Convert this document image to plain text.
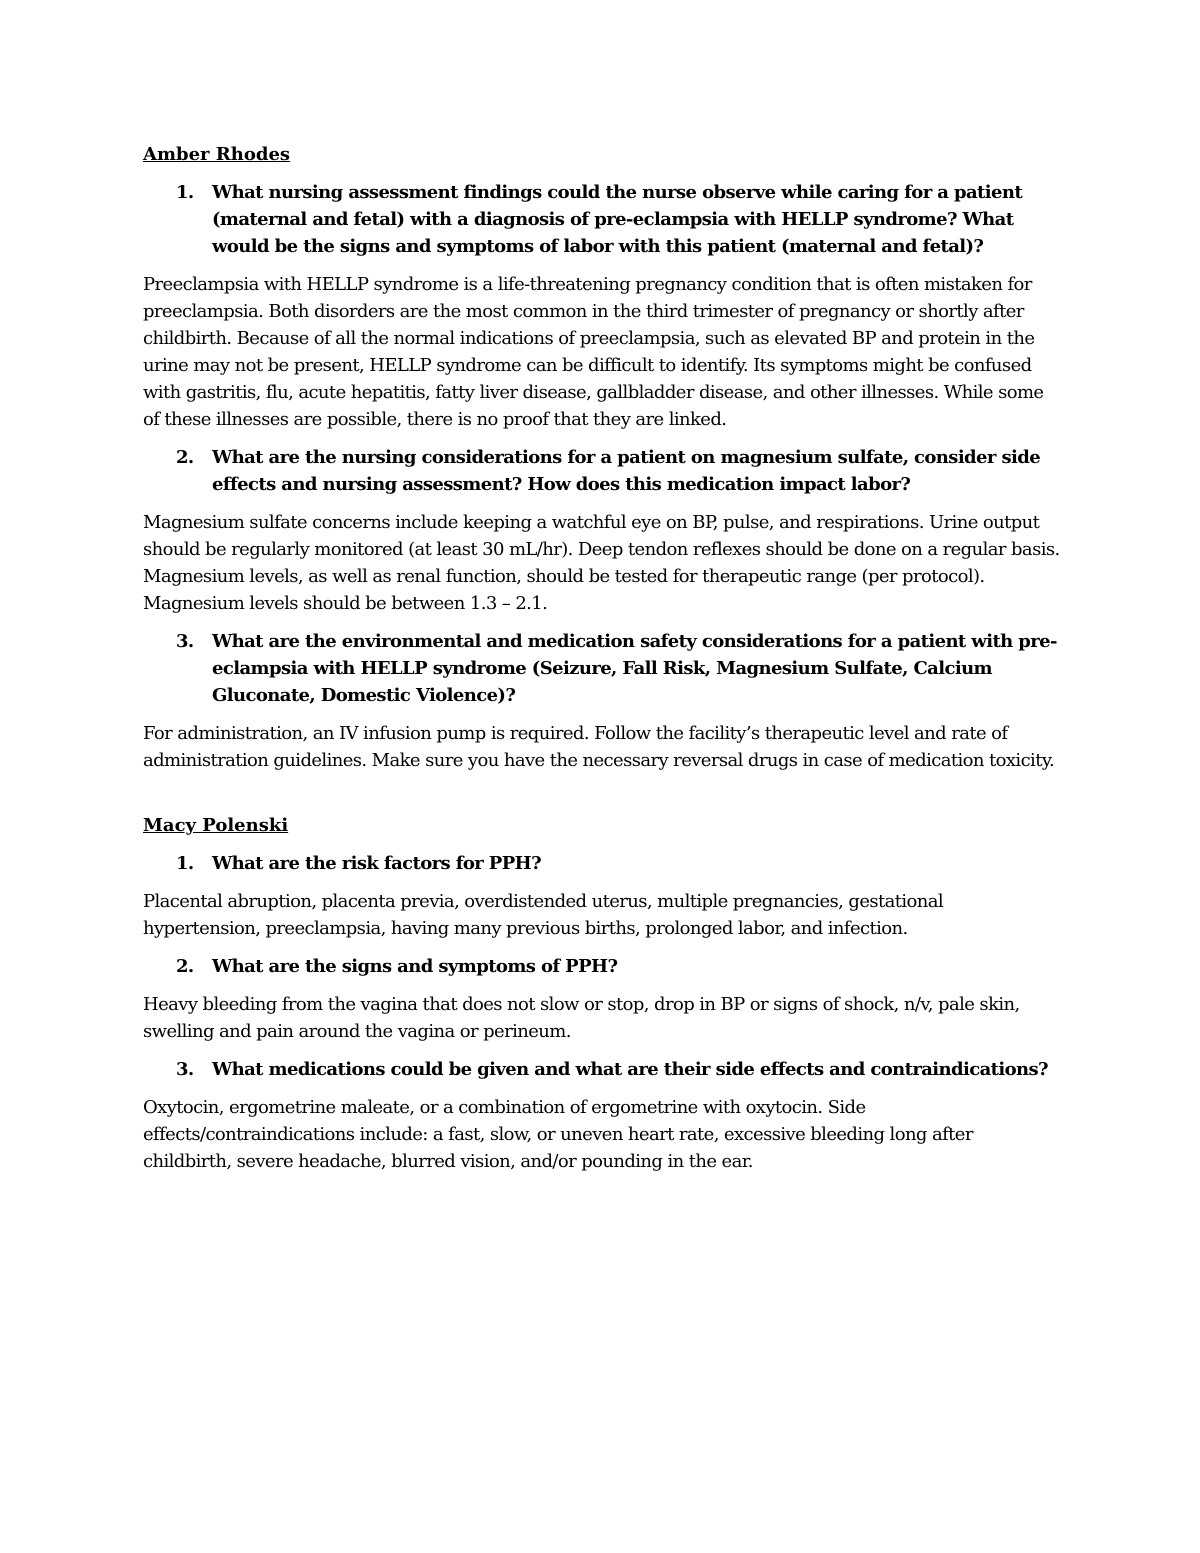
Amber Rhodes
1. What nursing assessment findings could the nurse observe while caring for a patient (maternal and fetal) with a diagnosis of pre-eclampsia with HELLP syndrome? What would be the signs and symptoms of labor with this patient (maternal and fetal)?
Preeclampsia with HELLP syndrome is a life-threatening pregnancy condition that is often mistaken for preeclampsia. Both disorders are the most common in the third trimester of pregnancy or shortly after childbirth. Because of all the normal indications of preeclampsia, such as elevated BP and protein in the urine may not be present, HELLP syndrome can be difficult to identify. Its symptoms might be confused with gastritis, flu, acute hepatitis, fatty liver disease, gallbladder disease, and other illnesses. While some of these illnesses are possible, there is no proof that they are linked.
2. What are the nursing considerations for a patient on magnesium sulfate, consider side effects and nursing assessment? How does this medication impact labor?
Magnesium sulfate concerns include keeping a watchful eye on BP, pulse, and respirations. Urine output should be regularly monitored (at least 30 mL/hr). Deep tendon reflexes should be done on a regular basis. Magnesium levels, as well as renal function, should be tested for therapeutic range (per protocol). Magnesium levels should be between 1.3 – 2.1.
3. What are the environmental and medication safety considerations for a patient with pre-eclampsia with HELLP syndrome (Seizure, Fall Risk, Magnesium Sulfate, Calcium Gluconate, Domestic Violence)?
For administration, an IV infusion pump is required. Follow the facility’s therapeutic level and rate of administration guidelines. Make sure you have the necessary reversal drugs in case of medication toxicity.
Macy Polenski
1. What are the risk factors for PPH?
Placental abruption, placenta previa, overdistended uterus, multiple pregnancies, gestational hypertension, preeclampsia, having many previous births, prolonged labor, and infection.
2. What are the signs and symptoms of PPH?
Heavy bleeding from the vagina that does not slow or stop, drop in BP or signs of shock, n/v, pale skin, swelling and pain around the vagina or perineum.
3. What medications could be given and what are their side effects and contraindications?
Oxytocin, ergometrine maleate, or a combination of ergometrine with oxytocin. Side effects/contraindications include: a fast, slow, or uneven heart rate, excessive bleeding long after childbirth, severe headache, blurred vision, and/or pounding in the ear.
